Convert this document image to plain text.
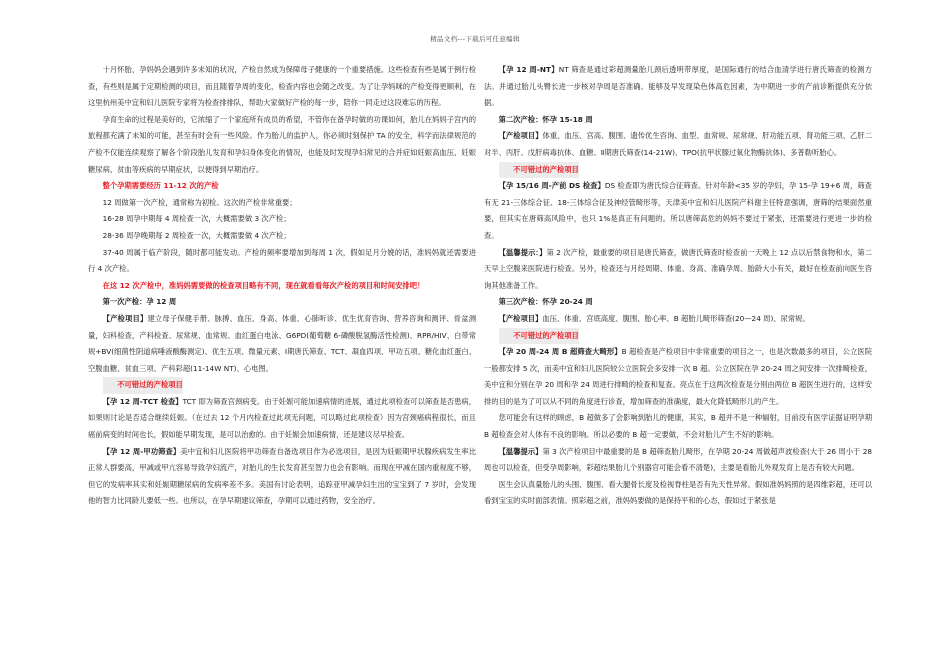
精品文档---下载后可任意编辑

十月怀胎，孕妈妈会遇到许多未知的状况，产检自然成为保障母子健康的一个重要措施。这些检查有些是属于例行检查，有些则是属于定期检测的项目，而且随着孕周的变化，检查内容也会随之改变。为了让孕妈咪的产检变得更顺利，在这里杭州美中宜和妇儿医院专家将为检查排排队，帮助大家做好产检的每一步，陪你一同走过这段难忘的历程。

孕育生命的过程是美好的，它浓缩了一个家庭所有成员的希望，不管你在备孕时做的功课如何，胎儿在妈妈子宫内的旅程都充满了未知的可能，甚至有时会有一些风险。作为胎儿的监护人，你必须时刻保护 TA 的安全，科学而法律规范的产检不仅能连续观察了解各个阶段胎儿发育和孕妇身体变化的情况，也能及时发现孕妇常见的合并症如妊娠高血压、妊娠糖尿病、贫血等疾病的早期症状，以便得到早期治疗。

整个孕期需要经历 11-12 次的产检

12 周做第一次产检，通常称为初检。这次的产检非常重要；

16-28 周孕中期每 4 周检查一次，大概需要做 3 次产检；

28-36 周孕晚期每 2 周检查一次，大概需要做 4 次产检；

37-40 周属于临产阶段，随时都可能发动。产检的频率要增加到每周 1 次，假如足月分娩的话，准妈妈就还需要进行 4 次产检。

在这 12 次产检中，准妈妈需要做的检查项目略有不同，现在就看看每次产检的项目和时间安排吧！

第一次产检：孕 12 周

【产检项目】建立母子保健手册、脉搏、血压、身高、体重、心肺听诊、优生优育咨询、营养咨询和测评、骨盆测量，妇科检查，产科检查、尿常规、血常规、血红蛋白电泳、G6PD(葡萄糖 6-磷酸脱氢酶活性检测)、RPR/HIV、白带常规+BV(细菌性阴道病唾液酸酶测定)、优生五项、微量元素、Ⅰ期唐氏筛查、TCT、凝血四项、甲功五项、糖化血红蛋白、空腹血糖、贫血三项、产科彩超(11-14W NT)、心电图。

不可错过的产检项目

【孕 12 周-TCT 检查】TCT 即为筛查宫颈病变。由于妊娠可能加速病情的进展，通过此项检查可以筛查是否患病，如果则讨论是否适合继续妊娠。（在过去 12 个月内检查过此项无问题，可以略过此项检查）因为宫颈癌病程很长，而且癌前病变的时间也长，假如能早期发现，是可以治愈的。由于妊娠会加速病情，还是建议尽早检查。

【孕 12 周-甲功筛查】美中宜和妇儿医院将甲功筛查自备选项目作为必选项目，是因为妊娠期甲状腺疾病发生率比正常人群要高，甲减或甲亢容易导致孕妇流产，对胎儿的生长发育甚至智力也会有影响。而现在甲减在国内重视度不够，但它的发病率其实和妊娠期糖尿病的发病率差不多。美国有讨论表明，追踪亚甲减孕妇生出的宝宝到了 7 岁时，会发现他的智力比同龄儿要低一些。也所以，在孕早期建议筛查，孕期可以通过药物，安全治疗。

【孕 12 周-NT】NT 筛查是通过彩超测量胎儿颈后透明带厚度，是国际通行的结合血清学进行唐氏筛查的检测方法。并通过胎儿头臀长进一步核对孕周是否准确。能够及早发现染色体高危因素，为中期进一步的产前诊断提供充分依据。

第二次产检：怀孕 15-18 周

【产检项目】体重、血压、宫高、腹围、遗传优生咨询、血型、血常规、尿常规、肝功能五项、肾功能三项、乙肝二对半、丙肝、戊肝病毒抗体、血糖、Ⅱ期唐氏筛查(14-21W)、TPO(抗甲状腺过氧化物酶抗体)、多普勒听胎心。

不可错过的产检项目

【孕 15/16 周-产前 DS 检查】DS 检查即为唐氏综合征筛查。针对年龄<35 岁的孕妇，孕 15-孕 19+6 周，筛查有无 21-三体综合征、18-三体综合征及神经管畸形等，天津美中宜和妇儿医院产科谢主任特意强调，唐筛的结果面然重要，但其实在唐筛高风险中，也只 1%是真正有问题的。所以唐筛高危的妈妈不要过于紧张，还需要进行更进一步的检查。

【温馨提示：】第 2 次产检，最重要的项目是唐氏筛查，做唐氏筛查时检查前一天晚上 12 点以后禁食物和水，第二天早上空腹来医院进行检查。另外，检查还与月经周期、体重、身高、准确孕周、胎龄大小有关，最好在检查前向医生咨询其他准备工作。

第三次产检：怀孕 20-24 周

【产检项目】血压、体重、宫底高度、腹围、胎心率、B 超胎儿畸形筛查(20—24 周)、尿常规。

不可错过的产检项目

【孕 20 周-24 周 B 超筛查大畸形】B 超检查是产检项目中非常重要的项目之一，也是次数最多的项目，公立医院一般都安排 5 次，而美中宜和妇儿医院较公立医院会多安排一次 B 超。公立医院在孕 20-24 周之间安排一次排畸检查，美中宜和分别在孕 20 周和孕 24 周进行排畸的检查和复查。亮点在于这两次检查是分别由两位 B 超医生进行的，这样安排的目的是为了可以从不同的角度进行诊查，增加筛查的准确度，最大化降低畸形儿的产生。

您可能会有这样的顾虑，B 超做多了会影响到胎儿的健康，其实，B 超并不是一种辐射，目前没有医学证据证明孕期 B 超检查会对人体有不良的影响。所以必要的 B 超一定要做，不会对胎儿产生不好的影响。

【温馨提示】第 3 次产检项目中最重要的是 B 超筛查胎儿畸形，在孕期 20-24 周做超声波检查(大于 26 周小于 28 周也可以检查，但受孕周影响，彩超结果胎儿个别器官可能会看不清楚)，主要是看胎儿外观发育上是否有较大问题。

医生会认真量胎儿的头围、腹围、看大腿骨长度及检视脊柱是否有先天性异常。假如准妈妈照的是四维彩超，还可以看到宝宝的实时面部表情。照彩超之前，准妈妈要做的是保持平和的心态，假如过于紧张是
